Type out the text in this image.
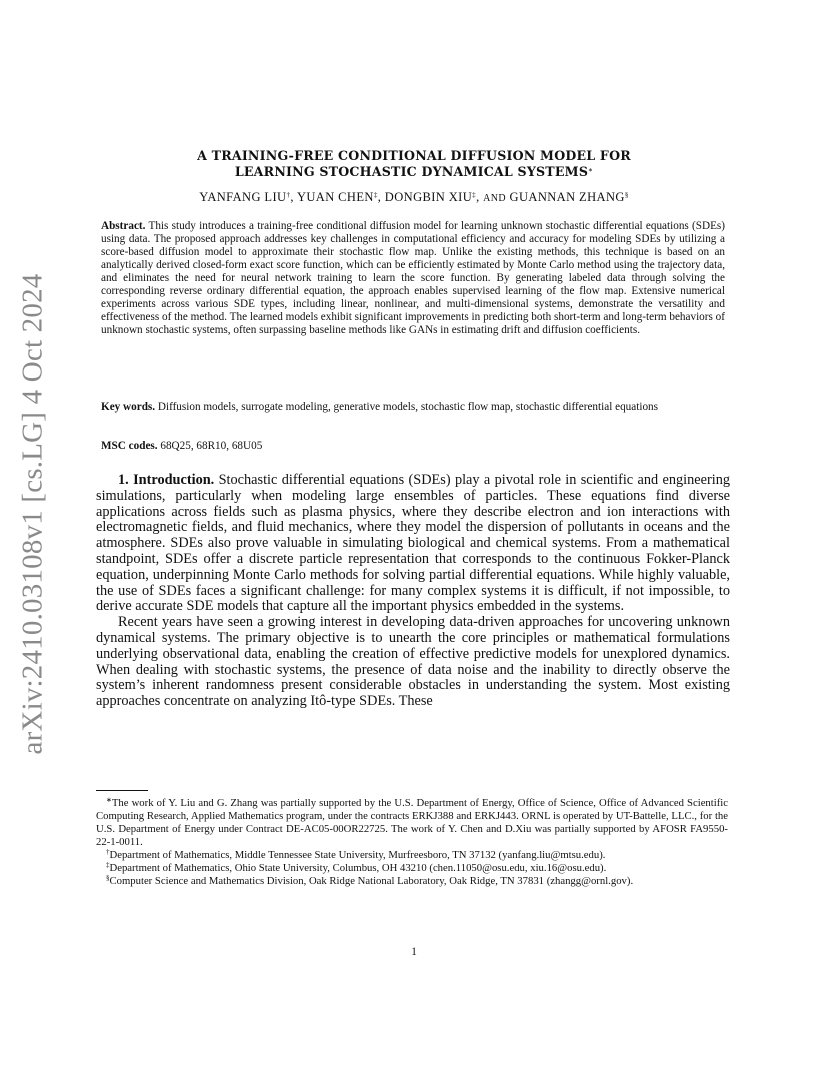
arXiv:2410.03108v1 [cs.LG] 4 Oct 2024
A TRAINING-FREE CONDITIONAL DIFFUSION MODEL FOR
LEARNING STOCHASTIC DYNAMICAL SYSTEMS∗
YANFANG LIU†, YUAN CHEN‡, DONGBIN XIU‡, AND GUANNAN ZHANG§
Abstract. This study introduces a training-free conditional diffusion model for learning unknown stochastic differential equations (SDEs) using data. The proposed approach addresses key challenges in computational efficiency and accuracy for modeling SDEs by utilizing a score-based diffusion model to approximate their stochastic flow map. Unlike the existing methods, this technique is based on an analytically derived closed-form exact score function, which can be efficiently estimated by Monte Carlo method using the trajectory data, and eliminates the need for neural network training to learn the score function. By generating labeled data through solving the corresponding reverse ordinary differential equation, the approach enables supervised learning of the flow map. Extensive numerical experiments across various SDE types, including linear, nonlinear, and multi-dimensional systems, demonstrate the versatility and effectiveness of the method. The learned models exhibit significant improvements in predicting both short-term and long-term behaviors of unknown stochastic systems, often surpassing baseline methods like GANs in estimating drift and diffusion coefficients.
Key words. Diffusion models, surrogate modeling, generative models, stochastic flow map, stochastic differential equations
MSC codes. 68Q25, 68R10, 68U05

1. Introduction. Stochastic differential equations (SDEs) play a pivotal role in scientific and engineering simulations, particularly when modeling large ensembles of particles. These equations find diverse applications across fields such as plasma physics, where they describe electron and ion interactions with electromagnetic fields, and fluid mechanics, where they model the dispersion of pollutants in oceans and the atmosphere. SDEs also prove valuable in simulating biological and chemical systems. From a mathematical standpoint, SDEs offer a discrete particle representation that corresponds to the continuous Fokker-Planck equation, underpinning Monte Carlo methods for solving partial differential equations. While highly valuable, the use of SDEs faces a significant challenge: for many complex systems it is difficult, if not impossible, to derive accurate SDE models that capture all the important physics embedded in the systems.

Recent years have seen a growing interest in developing data-driven approaches for uncovering unknown dynamical systems. The primary objective is to unearth the core principles or mathematical formulations underlying observational data, enabling the creation of effective predictive models for unexplored dynamics. When dealing with stochastic systems, the presence of data noise and the inability to directly observe the system’s inherent randomness present considerable obstacles in understanding the system. Most existing approaches concentrate on analyzing Itô-type SDEs. These

∗The work of Y. Liu and G. Zhang was partially supported by the U.S. Department of Energy, Office of Science, Office of Advanced Scientific Computing Research, Applied Mathematics program, under the contracts ERKJ388 and ERKJ443. ORNL is operated by UT-Battelle, LLC., for the U.S. Department of Energy under Contract DE-AC05-00OR22725. The work of Y. Chen and D.Xiu was partially supported by AFOSR FA9550-22-1-0011.

†Department of Mathematics, Middle Tennessee State University, Murfreesboro, TN 37132 (yanfang.liu@mtsu.edu).

‡Department of Mathematics, Ohio State University, Columbus, OH 43210 (chen.11050@osu.edu, xiu.16@osu.edu).

§Computer Science and Mathematics Division, Oak Ridge National Laboratory, Oak Ridge, TN 37831 (zhangg@ornl.gov).

1
